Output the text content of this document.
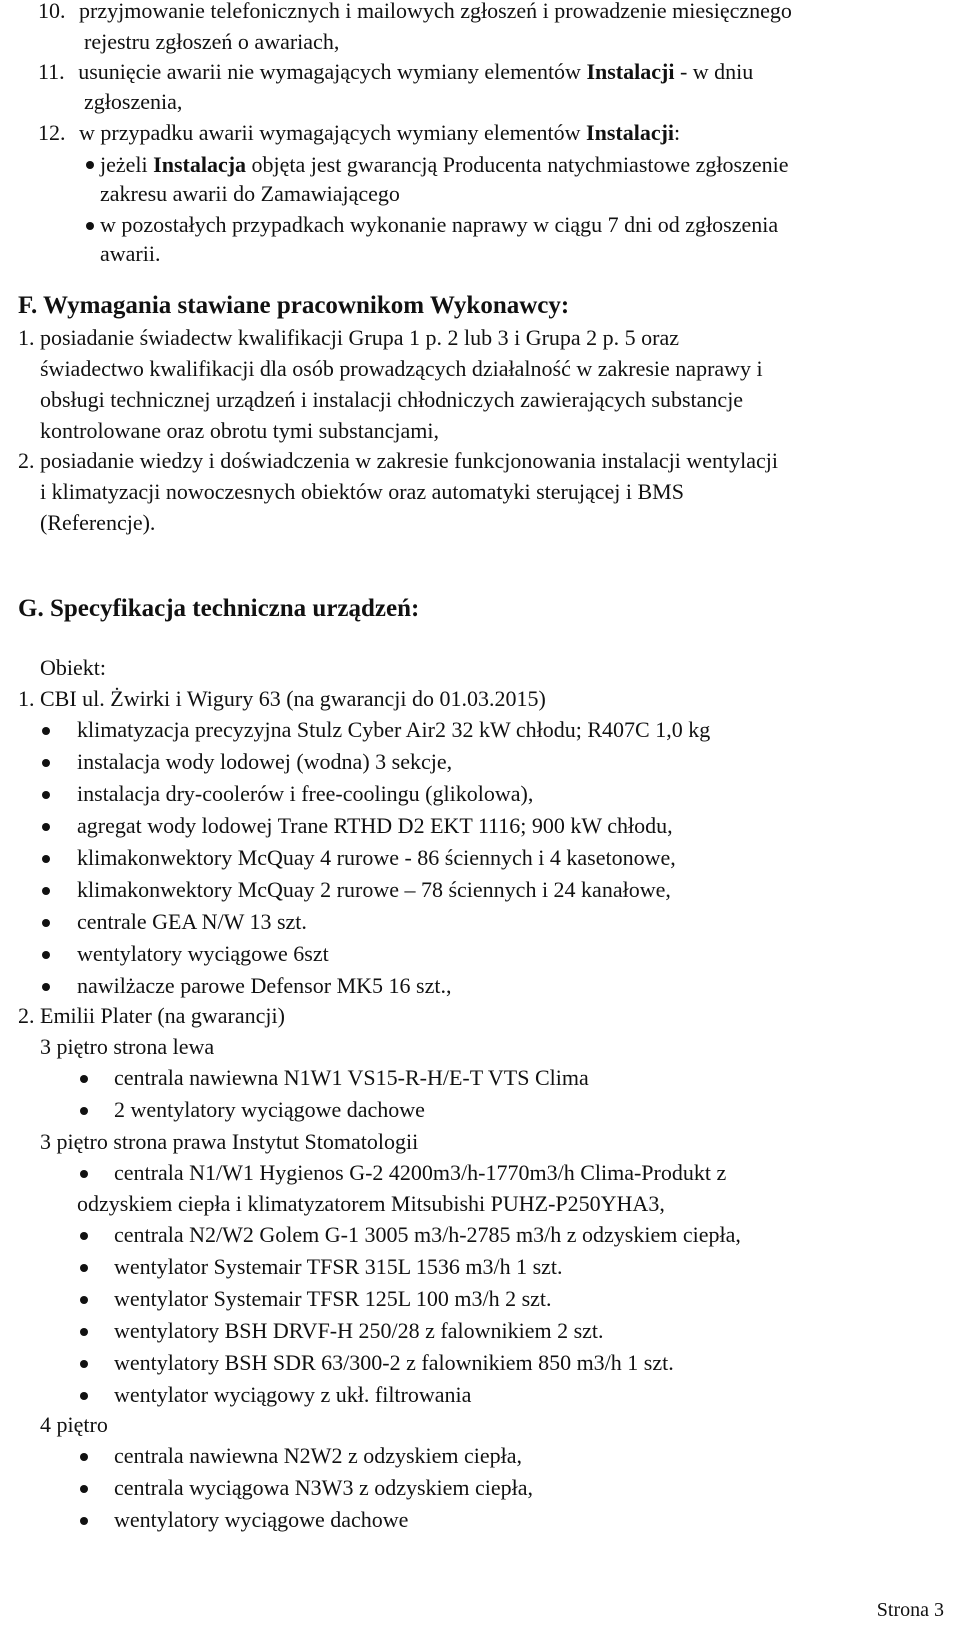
10. przyjmowanie telefonicznych i mailowych zgłoszeń i prowadzenie miesięcznego
rejestru zgłoszeń o awariach,
11. usunięcie awarii nie wymagających wymiany elementów Instalacji - w dniu
zgłoszenia,
12. w przypadku awarii wymagających wymiany elementów Instalacji:
jeżeli Instalacja objęta jest gwarancją Producenta natychmiastowe zgłoszenie
zakresu awarii do Zamawiającego
w pozostałych przypadkach wykonanie naprawy w ciągu 7 dni od zgłoszenia
awarii.
F. Wymagania stawiane pracownikom Wykonawcy:
1. posiadanie świadectw kwalifikacji Grupa 1 p. 2 lub 3 i Grupa 2 p. 5 oraz
świadectwo kwalifikacji dla osób prowadzących działalność w zakresie naprawy i
obsługi technicznej urządzeń i instalacji chłodniczych zawierających substancje
kontrolowane oraz obrotu tymi substancjami,
2. posiadanie wiedzy i doświadczenia w zakresie funkcjonowania instalacji wentylacji
i klimatyzacji nowoczesnych obiektów oraz automatyki sterującej i BMS
(Referencje).
G. Specyfikacja techniczna urządzeń:
Obiekt:
1. CBI ul. Żwirki i Wigury 63 (na gwarancji do 01.03.2015)
klimatyzacja precyzyjna Stulz Cyber Air2 32 kW chłodu; R407C 1,0 kg
instalacja wody lodowej (wodna) 3 sekcje,
instalacja dry-coolerów i free-coolingu (glikolowa),
agregat wody lodowej Trane RTHD D2 EKT 1116; 900 kW chłodu,
klimakonwektory McQuay 4 rurowe - 86 ściennych i 4 kasetonowe,
klimakonwektory McQuay 2 rurowe – 78 ściennych i 24 kanałowe,
centrale GEA N/W 13 szt.
wentylatory wyciągowe 6szt
nawilżacze parowe Defensor MK5 16 szt.,
2. Emilii Plater (na gwarancji)
3 piętro strona lewa
centrala nawiewna N1W1 VS15-R-H/E-T VTS Clima
2 wentylatory wyciągowe dachowe
3 piętro strona prawa Instytut Stomatologii
centrala N1/W1 Hygienos G-2 4200m3/h-1770m3/h Clima-Produkt z
odzyskiem ciepła i klimatyzatorem Mitsubishi PUHZ-P250YHA3,
centrala N2/W2 Golem G-1 3005 m3/h-2785 m3/h z odzyskiem ciepła,
wentylator Systemair TFSR 315L 1536 m3/h 1 szt.
wentylator Systemair TFSR 125L 100 m3/h 2 szt.
wentylatory BSH DRVF-H 250/28 z falownikiem 2 szt.
wentylatory BSH SDR 63/300-2 z falownikiem 850 m3/h 1 szt.
wentylator wyciągowy z ukł. filtrowania
4 piętro
centrala nawiewna N2W2 z odzyskiem ciepła,
centrala wyciągowa N3W3 z odzyskiem ciepła,
wentylatory wyciągowe dachowe
Strona 3
